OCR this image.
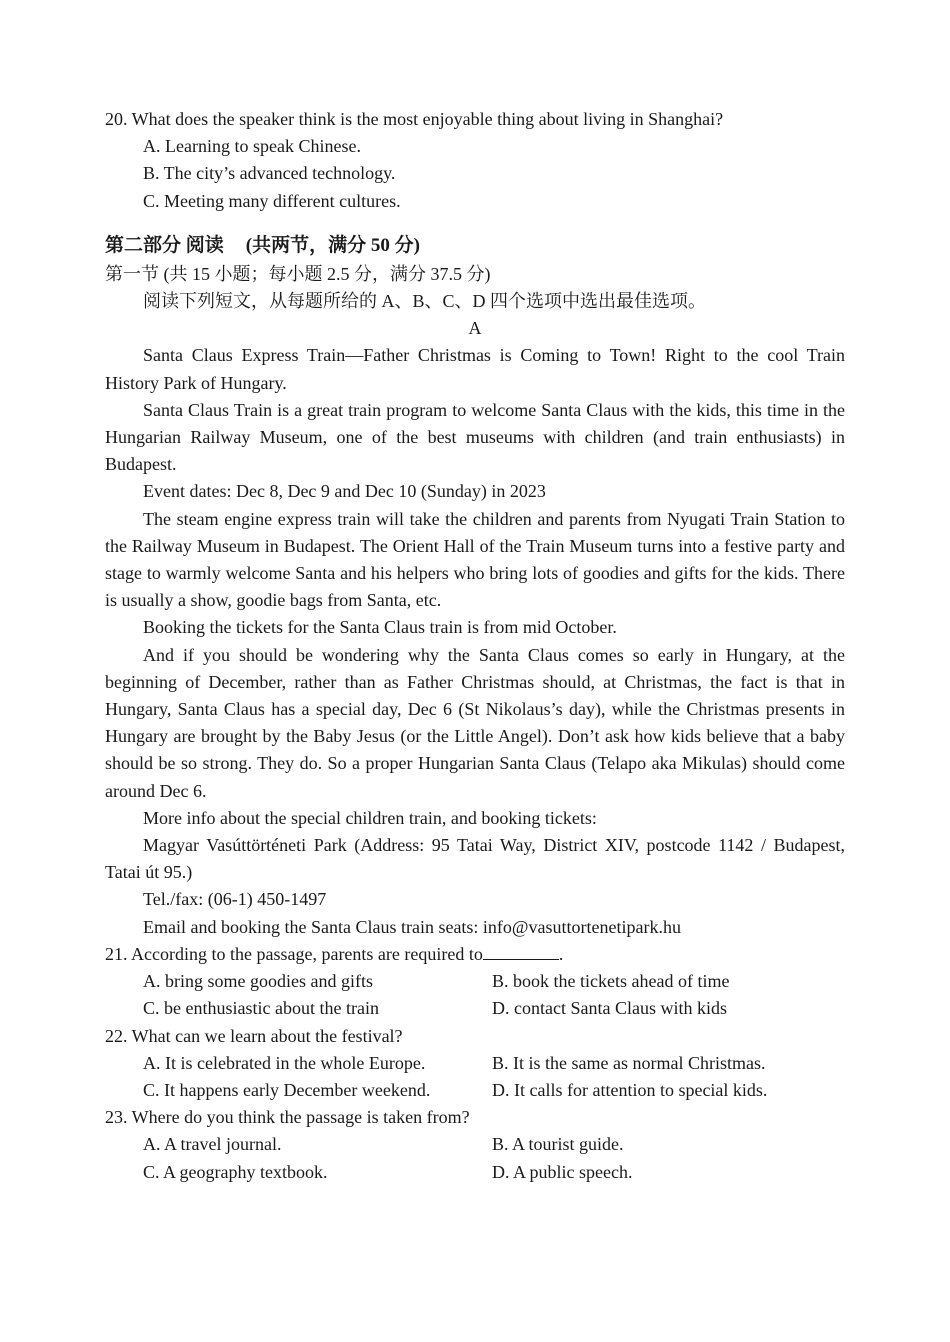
20. What does the speaker think is the most enjoyable thing about living in Shanghai?

A. Learning to speak Chinese.

B. The city’s advanced technology.

C. Meeting many different cultures.

第二部分 阅读 (共两节，满分 50 分)

第一节 (共 15 小题；每小题 2.5 分，满分 37.5 分)

阅读下列短文，从每题所给的 A、B、C、D 四个选项中选出最佳选项。

A

Santa Claus Express Train—Father Christmas is Coming to Town! Right to the cool Train History Park of Hungary.

Santa Claus Train is a great train program to welcome Santa Claus with the kids, this time in the Hungarian Railway Museum, one of the best museums with children (and train enthusiasts) in Budapest.

Event dates: Dec 8, Dec 9 and Dec 10 (Sunday) in 2023

The steam engine express train will take the children and parents from Nyugati Train Station to the Railway Museum in Budapest. The Orient Hall of the Train Museum turns into a festive party and stage to warmly welcome Santa and his helpers who bring lots of goodies and gifts for the kids. There is usually a show, goodie bags from Santa, etc.

Booking the tickets for the Santa Claus train is from mid October.

And if you should be wondering why the Santa Claus comes so early in Hungary, at the beginning of December, rather than as Father Christmas should, at Christmas, the fact is that in Hungary, Santa Claus has a special day, Dec 6 (St Nikolaus’s day), while the Christmas presents in Hungary are brought by the Baby Jesus (or the Little Angel). Don’t ask how kids believe that a baby should be so strong. They do. So a proper Hungarian Santa Claus (Telapo aka Mikulas) should come around Dec 6.

More info about the special children train, and booking tickets:

Magyar Vasúttörténeti Park (Address: 95 Tatai Way, District XIV, postcode 1142 / Budapest, Tatai út 95.)

Tel./fax: (06-1) 450-1497

Email and booking the Santa Claus train seats: info@vasuttortenetipark.hu

21. According to the passage, parents are required to	.

A. bring some goodies and gifts	B. book the tickets ahead of time
C. be enthusiastic about the train	D. contact Santa Claus with kids

22. What can we learn about the festival?

A. It is celebrated in the whole Europe.	B. It is the same as normal Christmas.
C. It happens early December weekend.	D. It calls for attention to special kids.

23. Where do you think the passage is taken from?

A. A travel journal.	B. A tourist guide.
C. A geography textbook.	D. A public speech.
